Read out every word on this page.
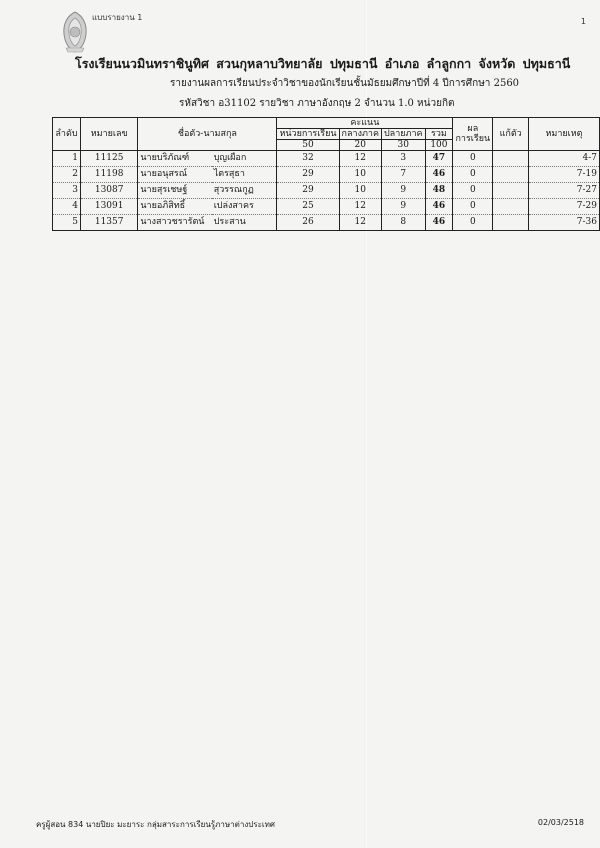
แบบรายงาน 1	1
โรงเรียนนวมินทราชินูทิศ สวนกุหลาบวิทยาลัย ปทุมธานี อำเภอ ลำลูกกา จังหวัด ปทุมธานี
รายงานผลการเรียนประจำวิชาของนักเรียนชั้นมัธยมศึกษาปีที่ 4 ปีการศึกษา 2560
รหัสวิชา อ31102 รายวิชา ภาษาอังกฤษ 2 จำนวน 1.0 หน่วยกิต
ลำดับ	หมายเลข	ชื่อตัว-นามสกุล		คะแนน				ผล
การเรียน	แก้ตัว	หมายเหตุ
				หน่วยการเรียน	กลางภาค	ปลายภาค	รวม			
				50	20	30	100			
1	11125	นายบริภัณฑ์	บุญเผือก	32	12	3	47	0		4-7
2	11198	นายอนุสรณ์	ไตรสุธา	29	10	7	46	0		7-19
3	13087	นายสุรเชษฐ์	สุวรรณกูฏ	29	10	9	48	0		7-27
4	13091	นายอภิสิทธิ์	เปล่งสาคร	25	12	9	46	0		7-29
5	11357	นางสาวชรารัตน์	ประสาน	26	12	8	46	0		7-36
ครูผู้สอน 834 นายปิยะ มะยาระ กลุ่มสาระการเรียนรู้ภาษาต่างประเทศ	02/03/2518
